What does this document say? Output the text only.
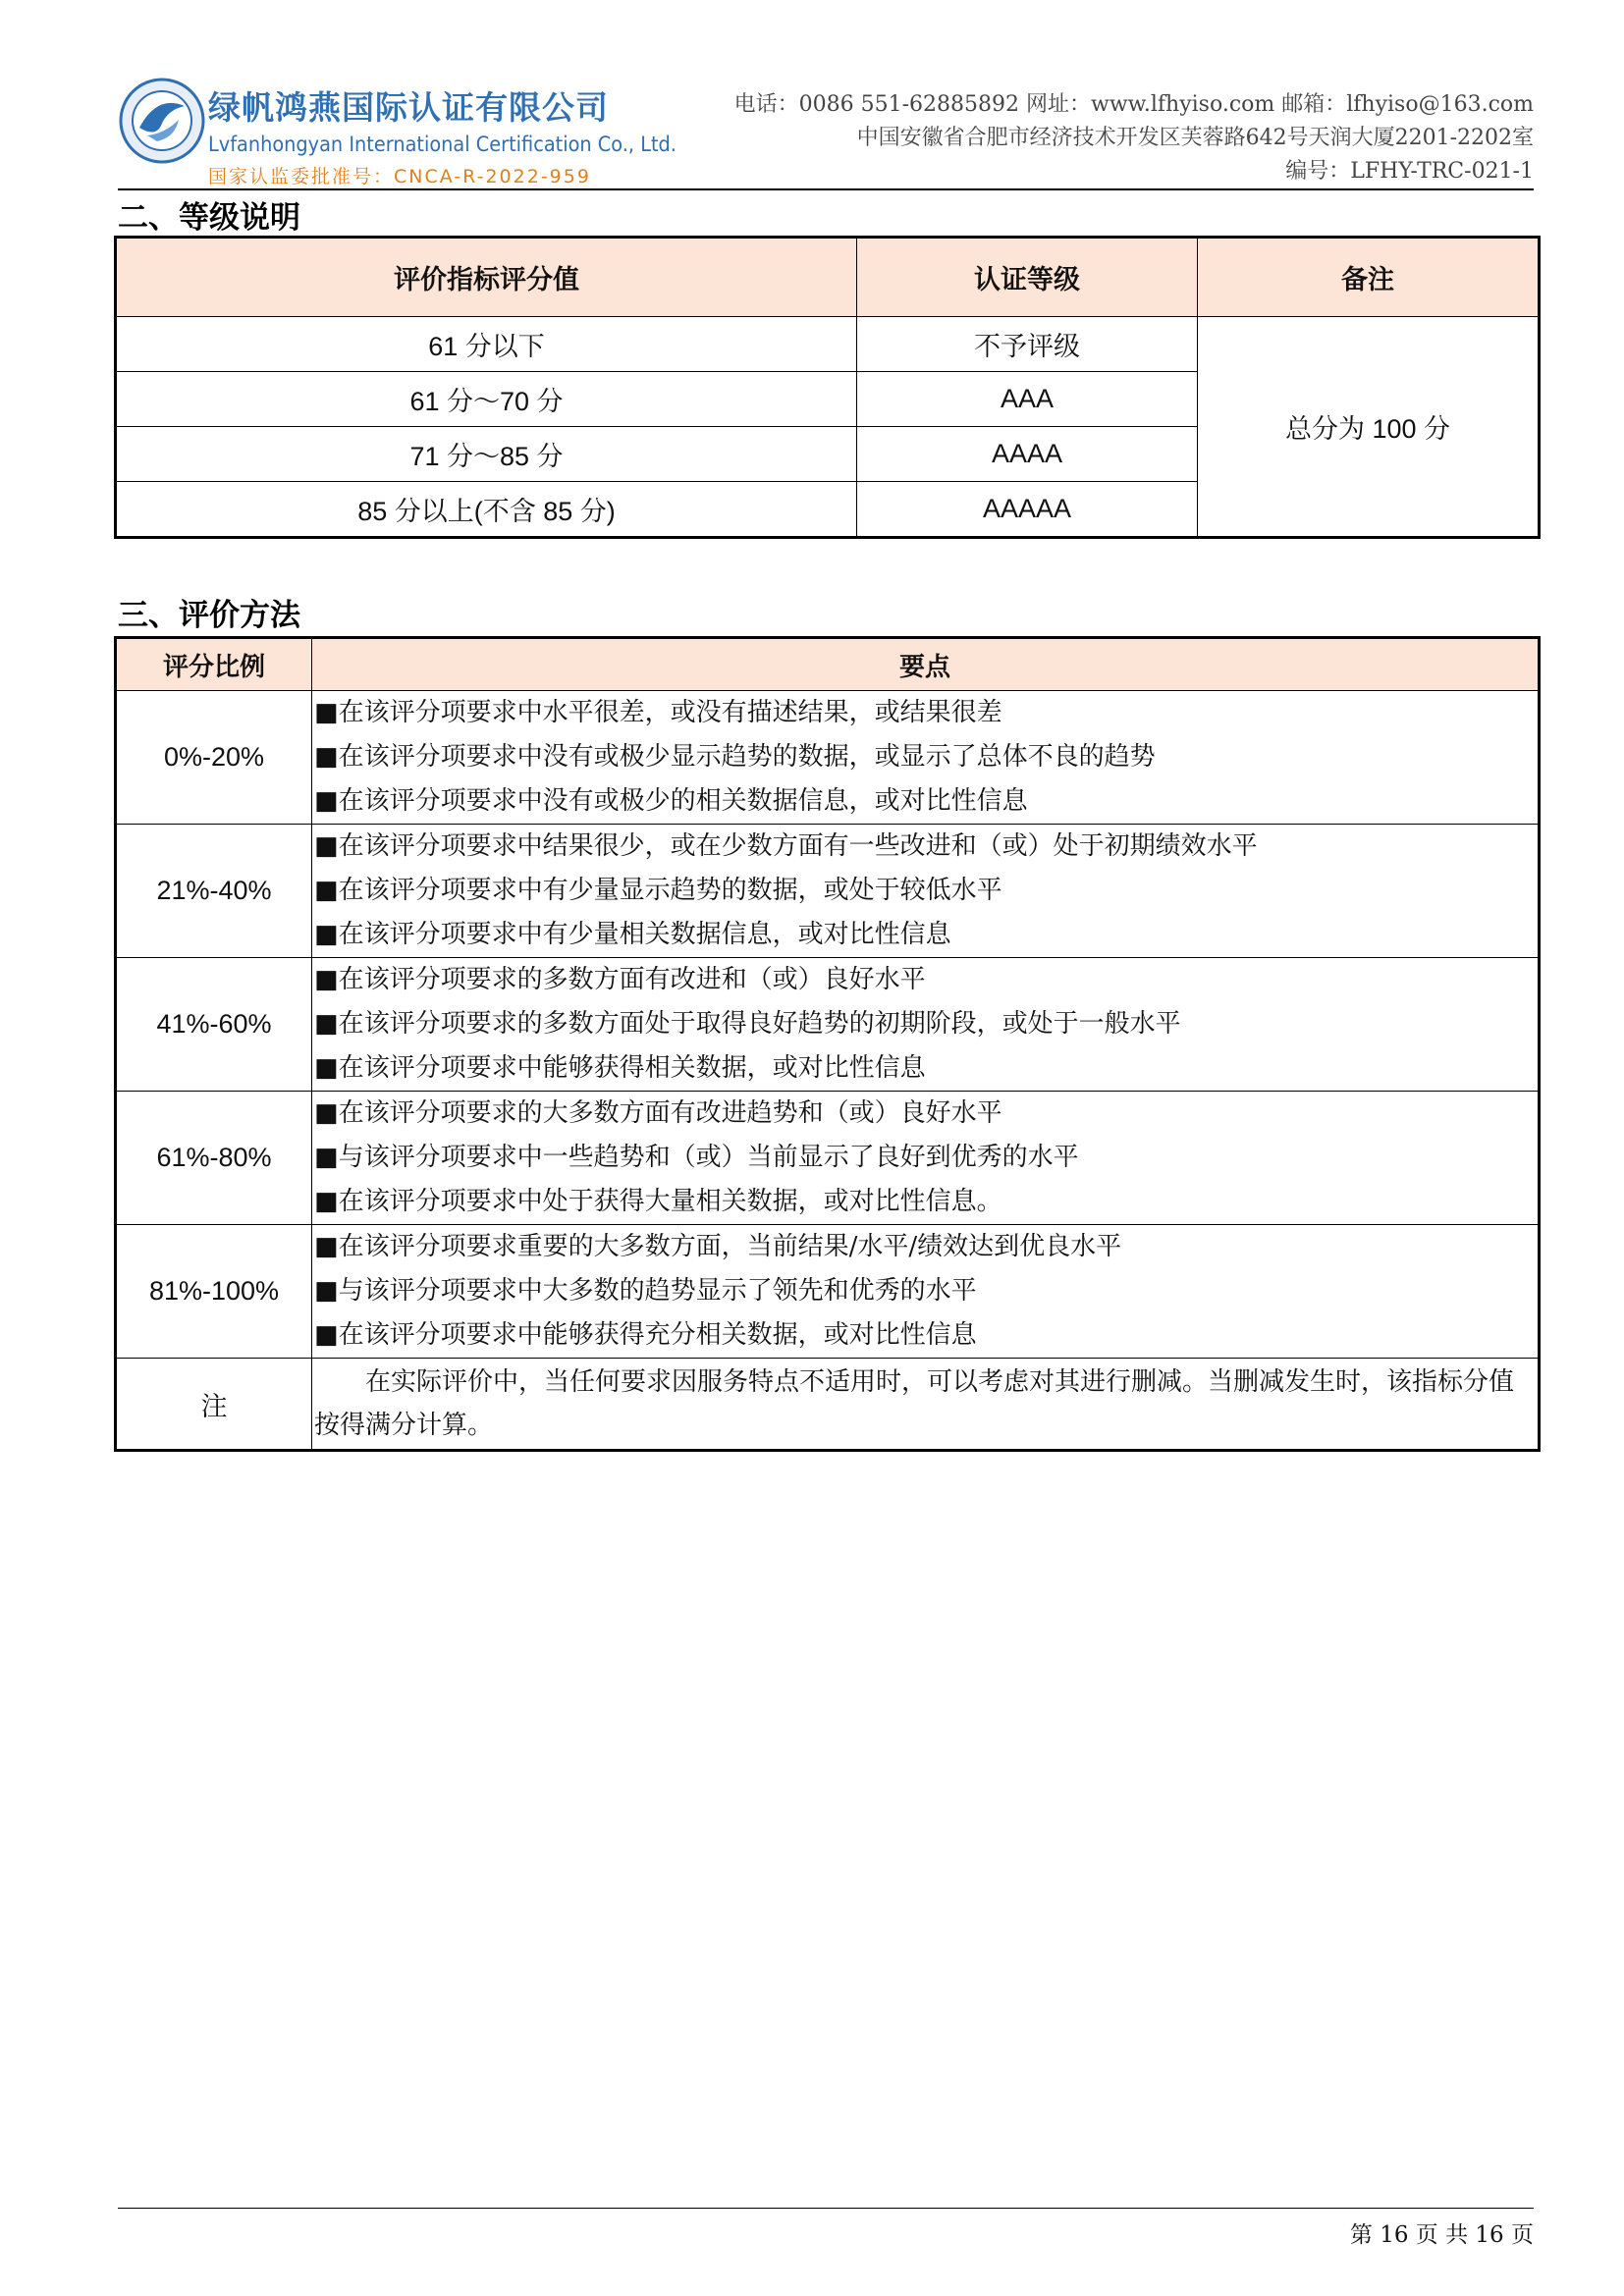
绿帆鸿燕国际认证有限公司
Lvfanhongyan International Certification Co., Ltd.
国家认监委批准号：CNCA-R-2022-959
电话：0086 551-62885892 网址：www.lfhyiso.com 邮箱：lfhyiso@163.com
中国安徽省合肥市经济技术开发区芙蓉路642号天润大厦2201-2202室
编号：LFHY-TRC-021-1
二、等级说明
评价指标评分值	认证等级	备注
61 分以下	不予评级	总分为 100 分
61 分～70 分	AAA	
71 分～85 分	AAAA	
85 分以上(不含 85 分)	AAAAA	
三、评价方法
评分比例	要点
0%-20%	■在该评分项要求中水平很差，或没有描述结果，或结果很差
■在该评分项要求中没有或极少显示趋势的数据，或显示了总体不良的趋势
■在该评分项要求中没有或极少的相关数据信息，或对比性信息

21%-40%	■在该评分项要求中结果很少，或在少数方面有一些改进和（或）处于初期绩效水平
■在该评分项要求中有少量显示趋势的数据，或处于较低水平
■在该评分项要求中有少量相关数据信息，或对比性信息

41%-60%	■在该评分项要求的多数方面有改进和（或）良好水平
■在该评分项要求的多数方面处于取得良好趋势的初期阶段，或处于一般水平
■在该评分项要求中能够获得相关数据，或对比性信息

61%-80%	■在该评分项要求的大多数方面有改进趋势和（或）良好水平
■与该评分项要求中一些趋势和（或）当前显示了良好到优秀的水平
■在该评分项要求中处于获得大量相关数据，或对比性信息。

81%-100%	■在该评分项要求重要的大多数方面，当前结果/水平/绩效达到优良水平
■与该评分项要求中大多数的趋势显示了领先和优秀的水平
■在该评分项要求中能够获得充分相关数据，或对比性信息

注	在实际评价中，当任何要求因服务特点不适用时，可以考虑对其进行删减。当删减发生时，该指标分值按得满分计算。
第 16 页 共 16 页
